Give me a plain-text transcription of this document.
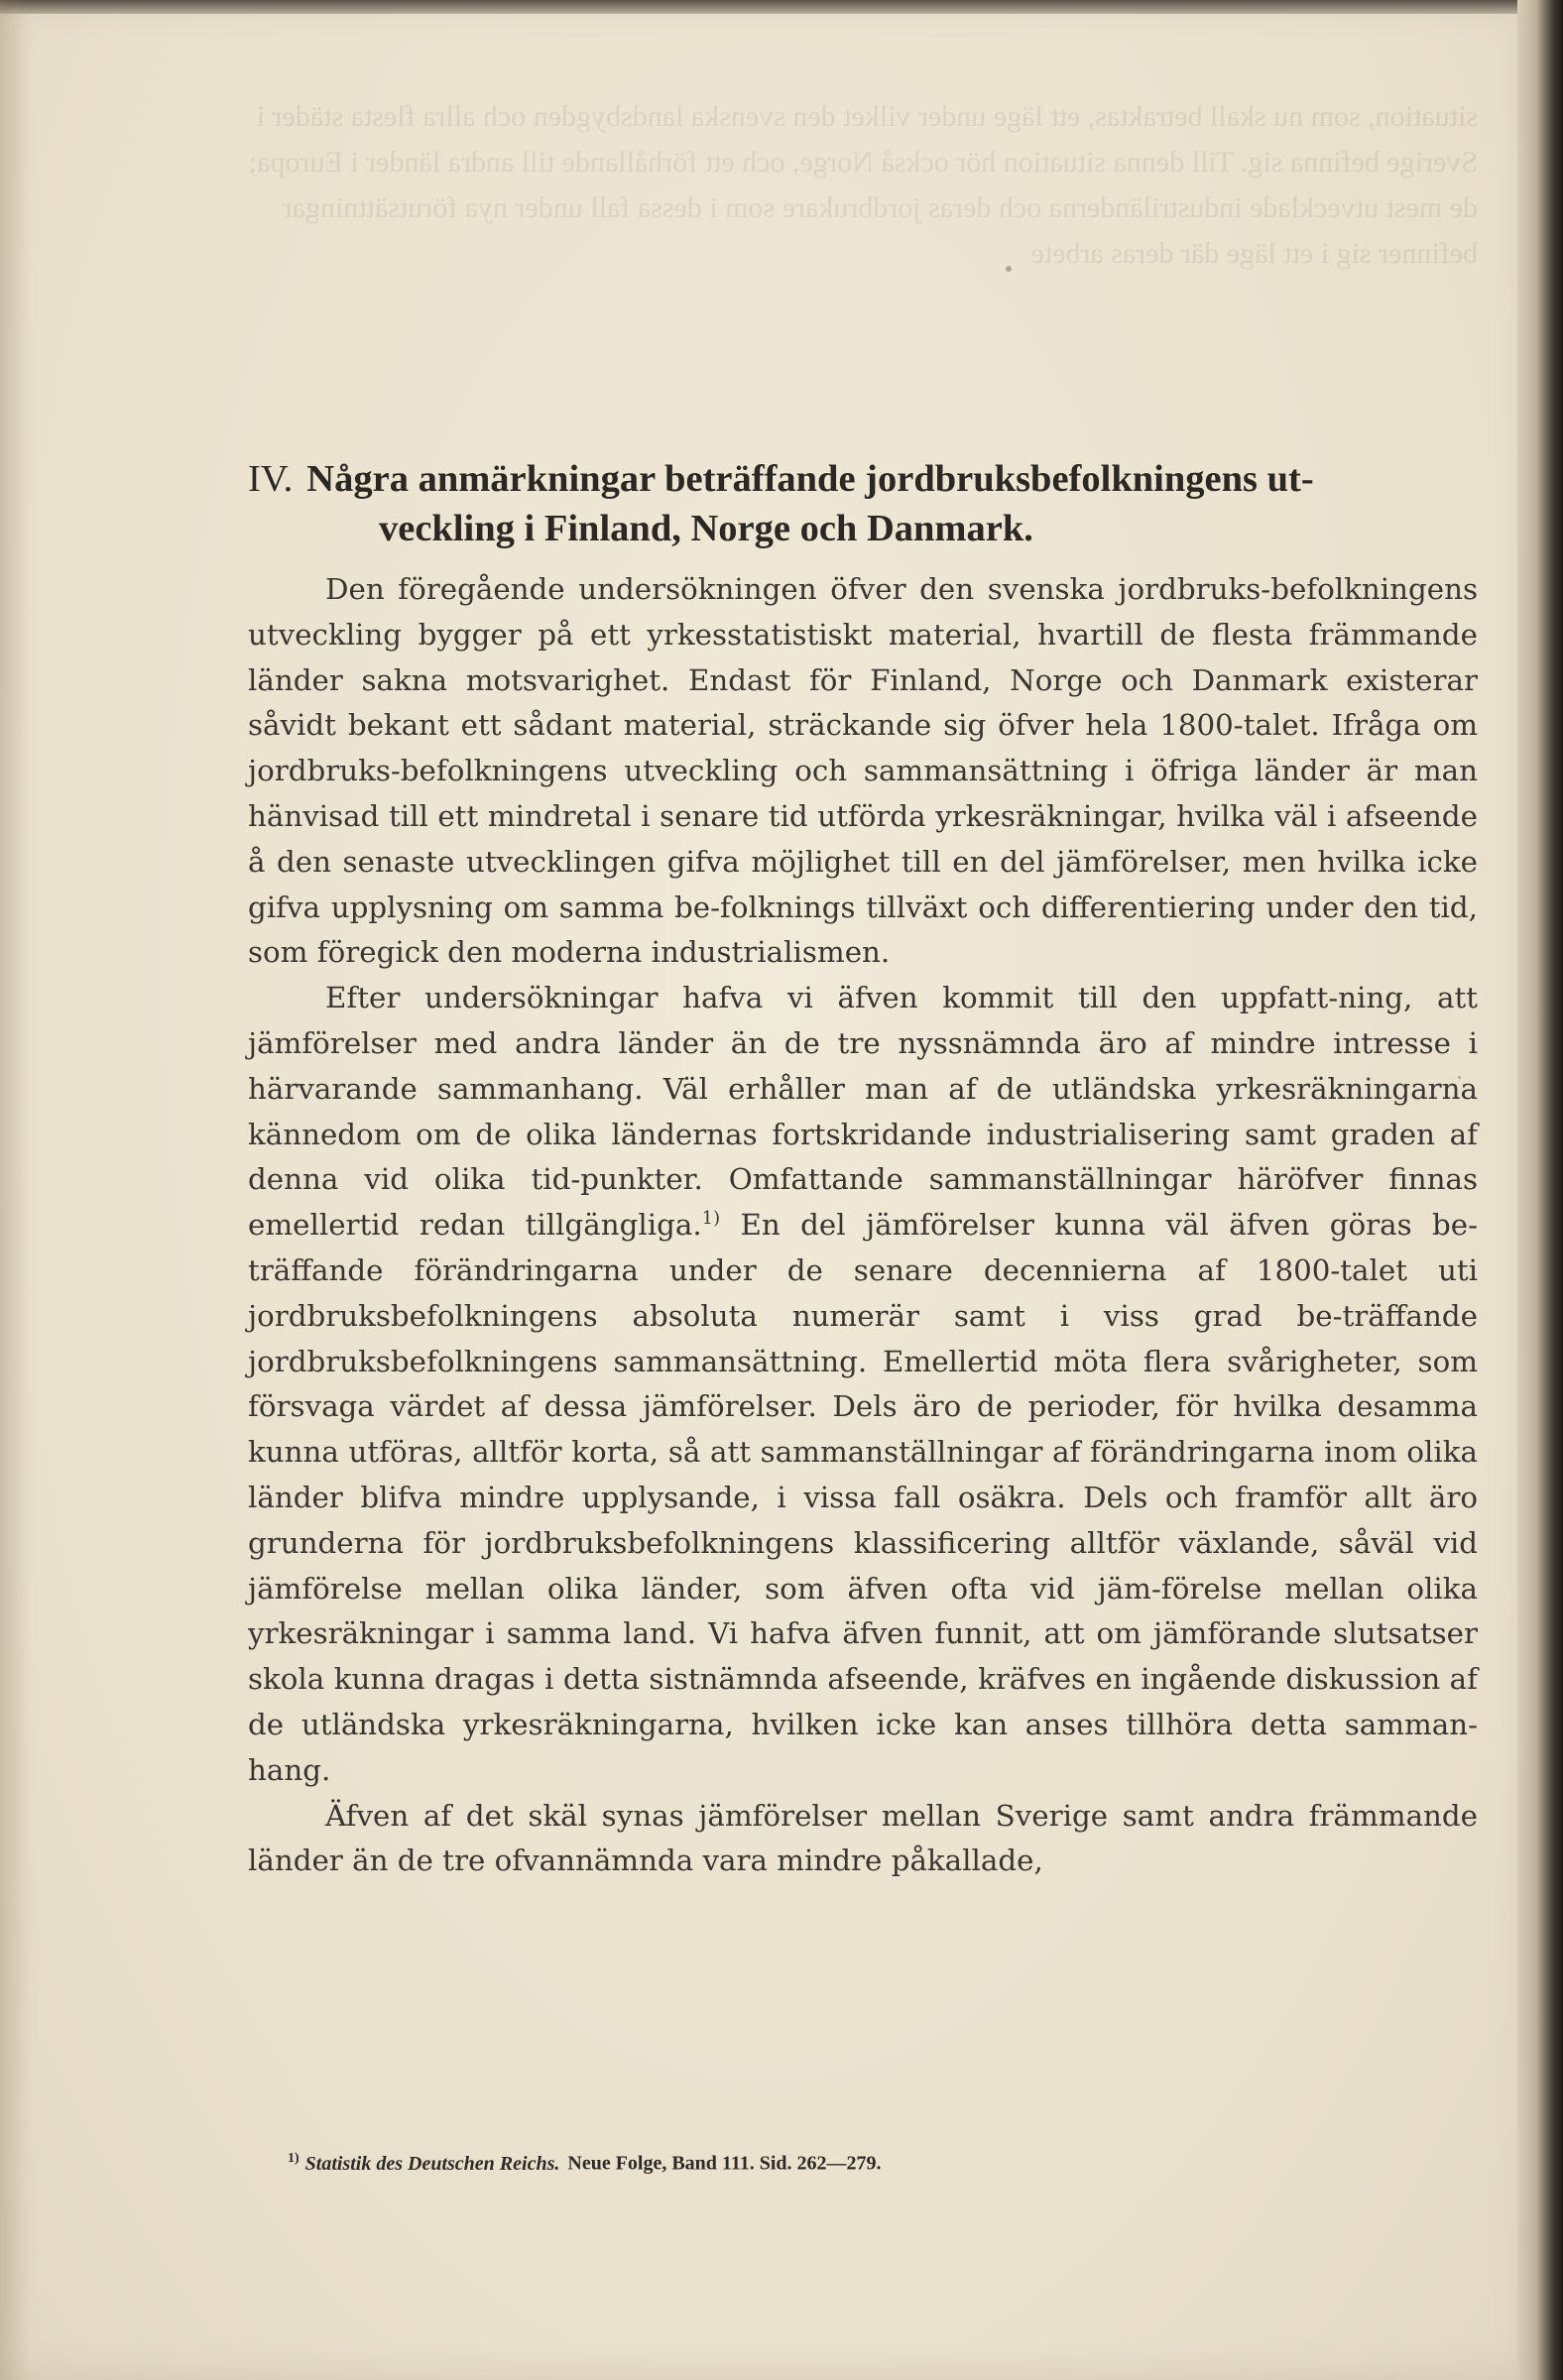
situation, som nu skall betraktas, ett läge under vilket den svenska landsbygden och allra flesta städer i Sverige befinna sig. Till denna situation hör också Norge, och ett förhållande till andra länder i Europa; de mest utvecklade industriländerna och deras jordbrukare som i dessa fall under nya förutsättningar befinner sig i ett läge där deras arbete
IV. Några anmärkningar beträffande jordbruksbefolkningens ut-
veckling i Finland, Norge och Danmark.

Den föregående undersökningen öfver den svenska jordbruks-befolkningens utveckling bygger på ett yrkesstatistiskt material, hvartill de flesta främmande länder sakna motsvarighet. Endast för Finland, Norge och Danmark existerar såvidt bekant ett sådant material, sträckande sig öfver hela 1800-talet. Ifråga om jordbruks-befolkningens utveckling och sammansättning i öfriga länder är man hänvisad till ett mindretal i senare tid utförda yrkesräkningar, hvilka väl i afseende å den senaste utvecklingen gifva möjlighet till en del jämförelser, men hvilka icke gifva upplysning om samma be-folknings tillväxt och differentiering under den tid, som föregick den moderna industrialismen.

Efter undersökningar hafva vi äfven kommit till den uppfatt-ning, att jämförelser med andra länder än de tre nyssnämnda äro af mindre intresse i härvarande sammanhang. Väl erhåller man af de utländska yrkesräkningarna kännedom om de olika ländernas fortskridande industrialisering samt graden af denna vid olika tid-punkter. Omfattande sammanställningar häröfver finnas emellertid redan tillgängliga.$^{1)}$ En del jämförelser kunna väl äfven göras be-träffande förändringarna under de senare decennierna af 1800-talet uti jordbruksbefolkningens absoluta numerär samt i viss grad be-träffande jordbruksbefolkningens sammansättning. Emellertid möta flera svårigheter, som försvaga värdet af dessa jämförelser. Dels äro de perioder, för hvilka desamma kunna utföras, alltför korta, så att sammanställningar af förändringarna inom olika länder blifva mindre upplysande, i vissa fall osäkra. Dels och framför allt äro grunderna för jordbruksbefolkningens klassificering alltför växlande, såväl vid jämförelse mellan olika länder, som äfven ofta vid jäm-förelse mellan olika yrkesräkningar i samma land. Vi hafva äfven funnit, att om jämförande slutsatser skola kunna dragas i detta sistnämnda afseende, kräfves en ingående diskussion af de utländska yrkesräkningarna, hvilken icke kan anses tillhöra detta samman-hang.

Äfven af det skäl synas jämförelser mellan Sverige samt andra främmande länder än de tre ofvannämnda vara mindre påkallade,

$^{1)}$ Statistik des Deutschen Reichs. Neue Folge, Band 111. Sid. 262—279.
